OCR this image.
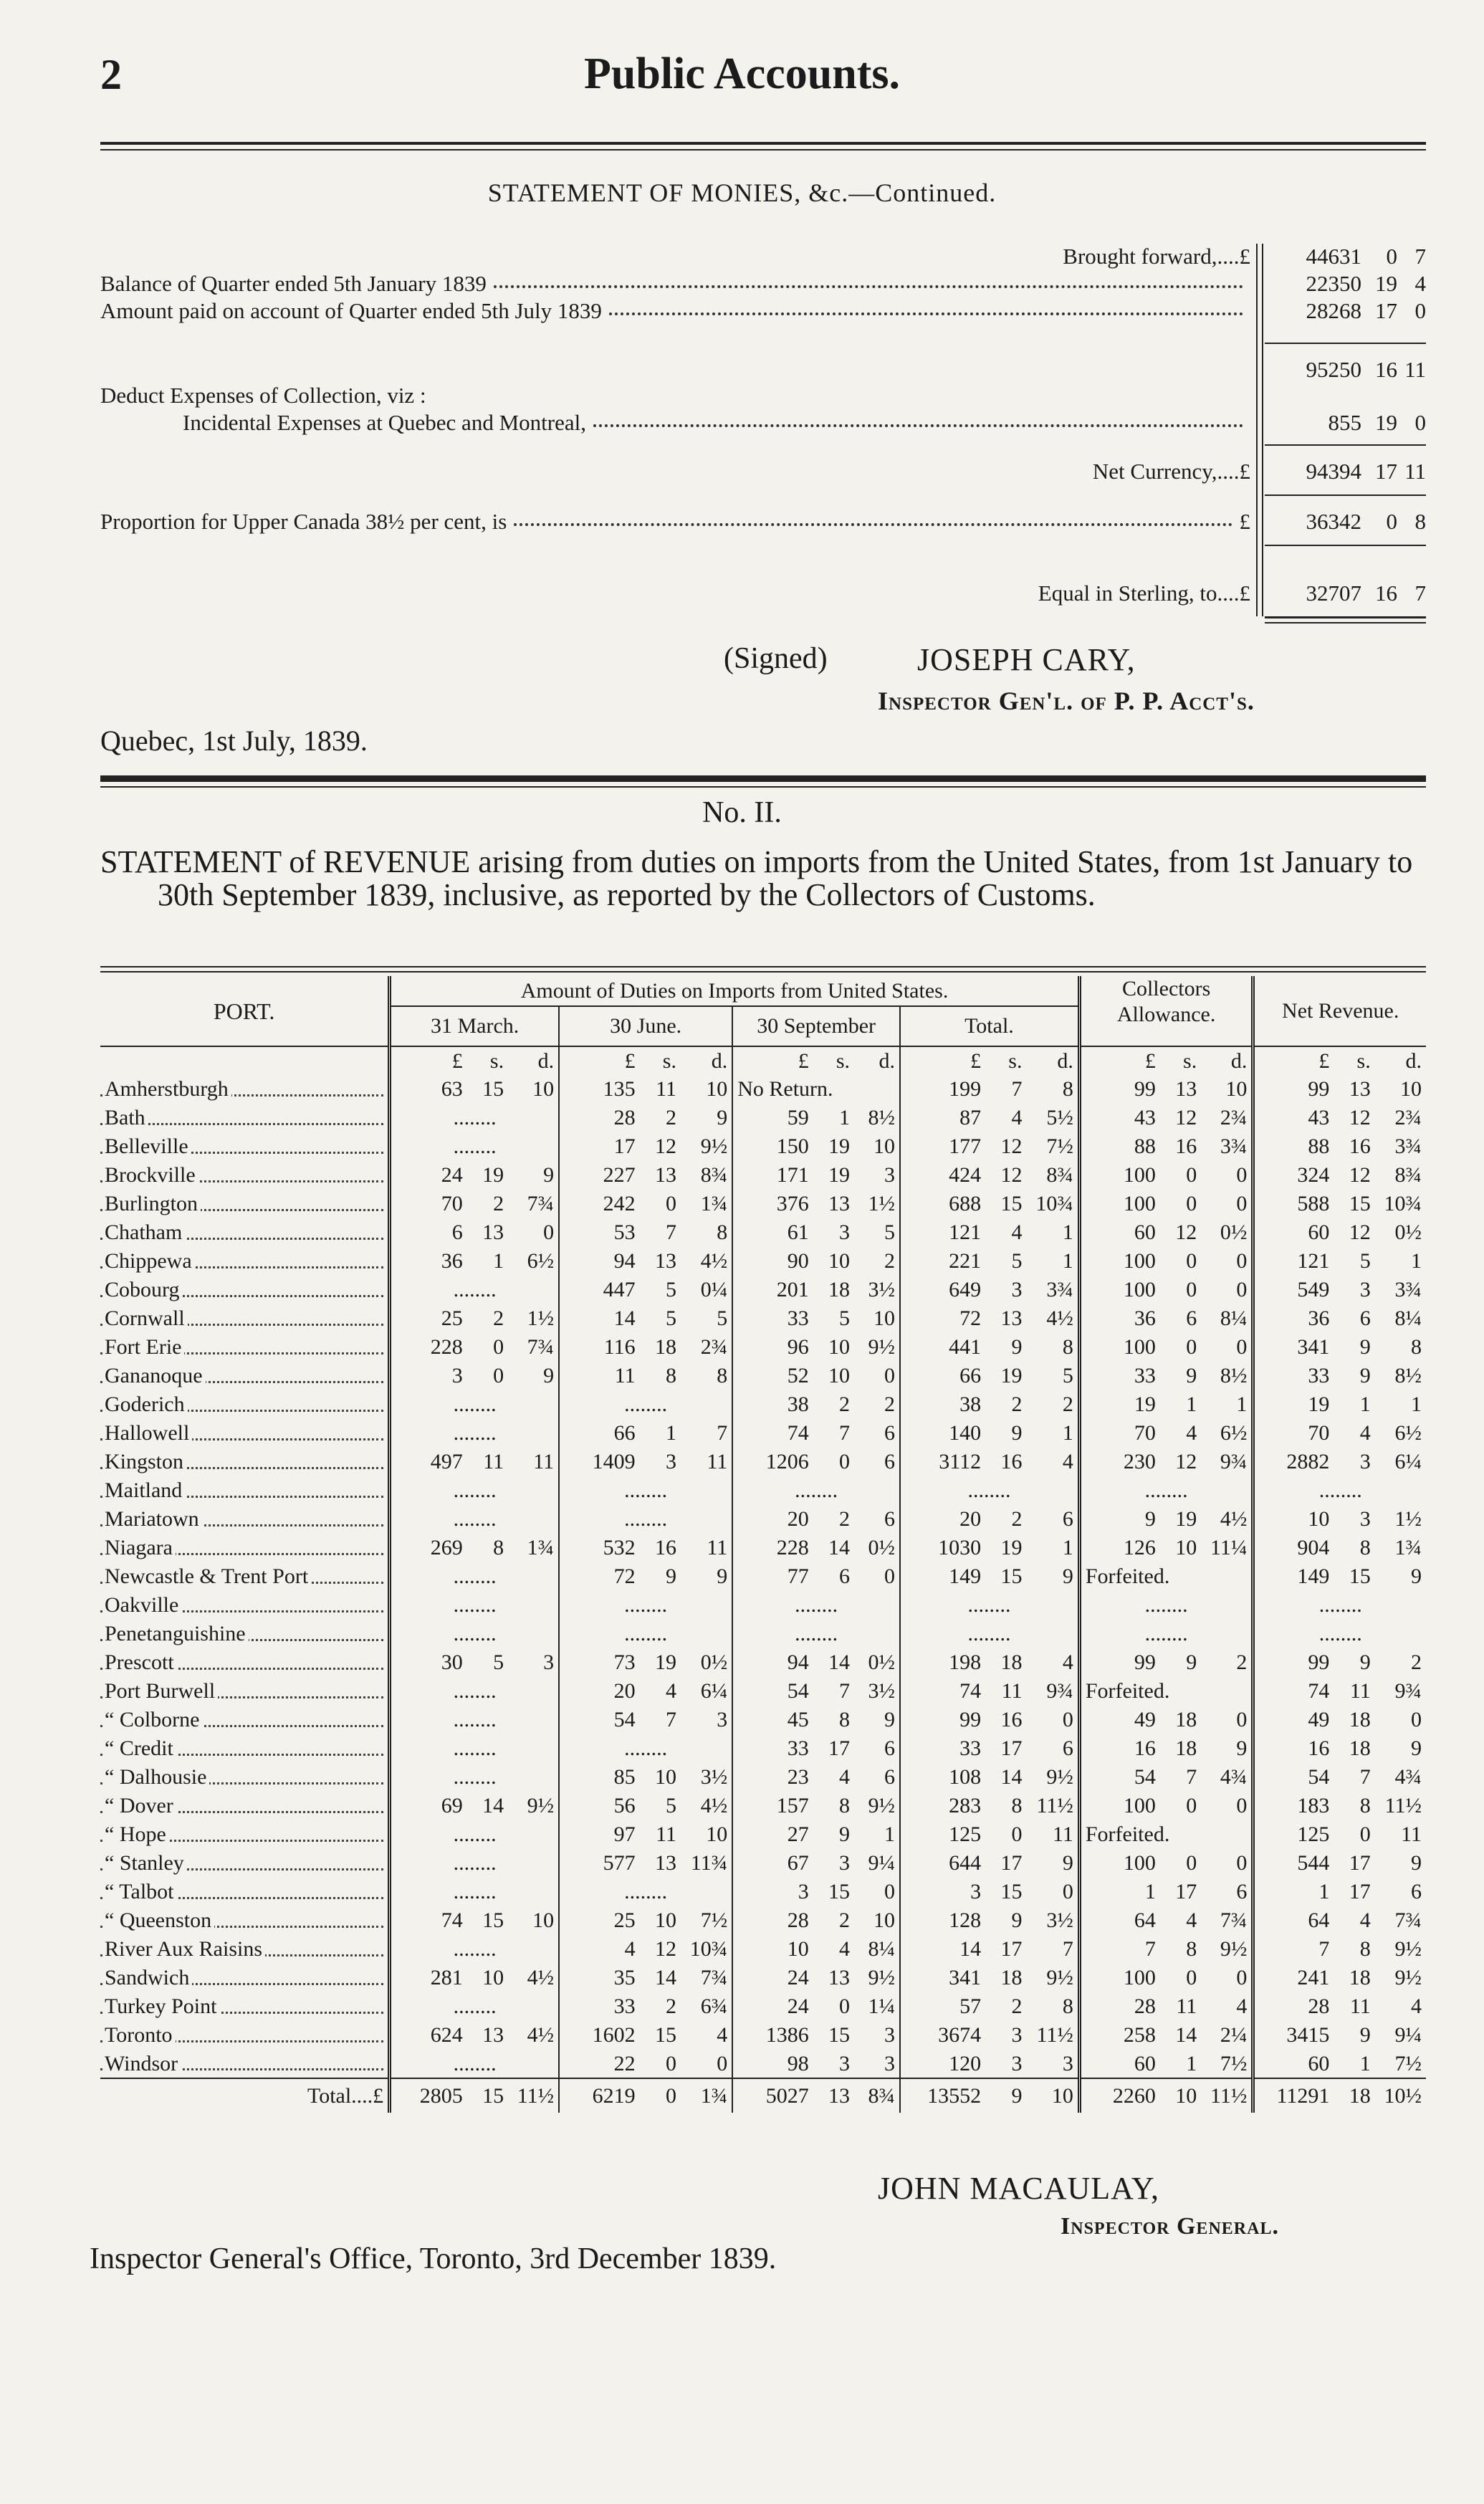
2	Public Accounts.
STATEMENT OF MONIES, &c.—Continued.
Brought forward,....£	44631	0 7
Balance of Quarter ended 5th January 1839	22350 19 4
Amount paid on account of Quarter ended 5th July 1839	28268 17 0
95250 16 11
Deduct Expenses of Collection, viz :
Incidental Expenses at Quebec and Montreal,	855 19 0
Net Currency,....£	94394 17 11
Proportion for Upper Canada 38½ per cent, is	£	36342	0 8
Equal in Sterling, to....£	32707 16 7
(Signed)	JOSEPH CARY,
Inspector Gen'l. of P. P. Acct's.
Quebec, 1st July, 1839.
No. II.
STATEMENT of REVENUE arising from duties on imports from the United States, from 1st January to 30th September 1839, inclusive, as reported by the Collectors of Customs.
PORT.	Amount of Duties on Imports from United States.												Collectors Allowance.			Net Revenue.		
	31 March.			30 June.			30 September			Total.								
	£	s.	d.	£	s.	d.	£	s.	d.	£	s.	d.	£	s.	d.	£	s.	d.

Amherstburgh	63	15	10	135	11	10	No Return.			199	7	8	99	13	10	99	13	10

Bath	........			28	2	9	59	1	8½	87	4	5½	43	12	2¾	43	12	2¾

Belleville	........			17	12	9½	150	19	10	177	12	7½	88	16	3¾	88	16	3¾

Brockville	24	19	9	227	13	8¾	171	19	3	424	12	8¾	100	0	0	324	12	8¾

Burlington	70	2	7¾	242	0	1¾	376	13	1½	688	15	10¾	100	0	0	588	15	10¾

Chatham	6	13	0	53	7	8	61	3	5	121	4	1	60	12	0½	60	12	0½

Chippewa	36	1	6½	94	13	4½	90	10	2	221	5	1	100	0	0	121	5	1

Cobourg	........			447	5	0¼	201	18	3½	649	3	3¾	100	0	0	549	3	3¾

Cornwall	25	2	1½	14	5	5	33	5	10	72	13	4½	36	6	8¼	36	6	8¼

Fort Erie	228	0	7¾	116	18	2¾	96	10	9½	441	9	8	100	0	0	341	9	8

Gananoque	3	0	9	11	8	8	52	10	0	66	19	5	33	9	8½	33	9	8½

Goderich	........			........			38	2	2	38	2	2	19	1	1	19	1	1

Hallowell	........			66	1	7	74	7	6	140	9	1	70	4	6½	70	4	6½

Kingston	497	11	11	1409	3	11	1206	0	6	3112	16	4	230	12	9¾	2882	3	6¼

Maitland	........			........			........			........			........			........		

Mariatown	........			........			20	2	6	20	2	6	9	19	4½	10	3	1½

Niagara	269	8	1¾	532	16	11	228	14	0½	1030	19	1	126	10	11¼	904	8	1¾

Newcastle & Trent Port	........			72	9	9	77	6	0	149	15	9	Forfeited.			149	15	9

Oakville	........			........			........			........			........			........		

Penetanguishine	........			........			........			........			........			........		

Prescott	30	5	3	73	19	0½	94	14	0½	198	18	4	99	9	2	99	9	2

Port Burwell	........			20	4	6¼	54	7	3½	74	11	9¾	Forfeited.			74	11	9¾

“ Colborne	........			54	7	3	45	8	9	99	16	0	49	18	0	49	18	0

“ Credit	........			........			33	17	6	33	17	6	16	18	9	16	18	9

“ Dalhousie	........			85	10	3½	23	4	6	108	14	9½	54	7	4¾	54	7	4¾

“ Dover	69	14	9½	56	5	4½	157	8	9½	283	8	11½	100	0	0	183	8	11½

“ Hope	........			97	11	10	27	9	1	125	0	11	Forfeited.			125	0	11

“ Stanley	........			577	13	11¾	67	3	9¼	644	17	9	100	0	0	544	17	9

“ Talbot	........			........			3	15	0	3	15	0	1	17	6	1	17	6

“ Queenston	74	15	10	25	10	7½	28	2	10	128	9	3½	64	4	7¾	64	4	7¾

River Aux Raisins	........			4	12	10¾	10	4	8¼	14	17	7	7	8	9½	7	8	9½

Sandwich	281	10	4½	35	14	7¾	24	13	9½	341	18	9½	100	0	0	241	18	9½

Turkey Point	........			33	2	6¾	24	0	1¼	57	2	8	28	11	4	28	11	4

Toronto	624	13	4½	1602	15	4	1386	15	3	3674	3	11½	258	14	2¼	3415	9	9¼

Windsor	........			22	0	0	98	3	3	120	3	3	60	1	7½	60	1	7½
Total....£	2805	15	11½	6219	0	1¾	5027	13	8¾	13552	9	10	2260	10	11½	11291	18	10½
JOHN MACAULAY,
Inspector General.
Inspector General's Office, Toronto, 3rd December 1839.
